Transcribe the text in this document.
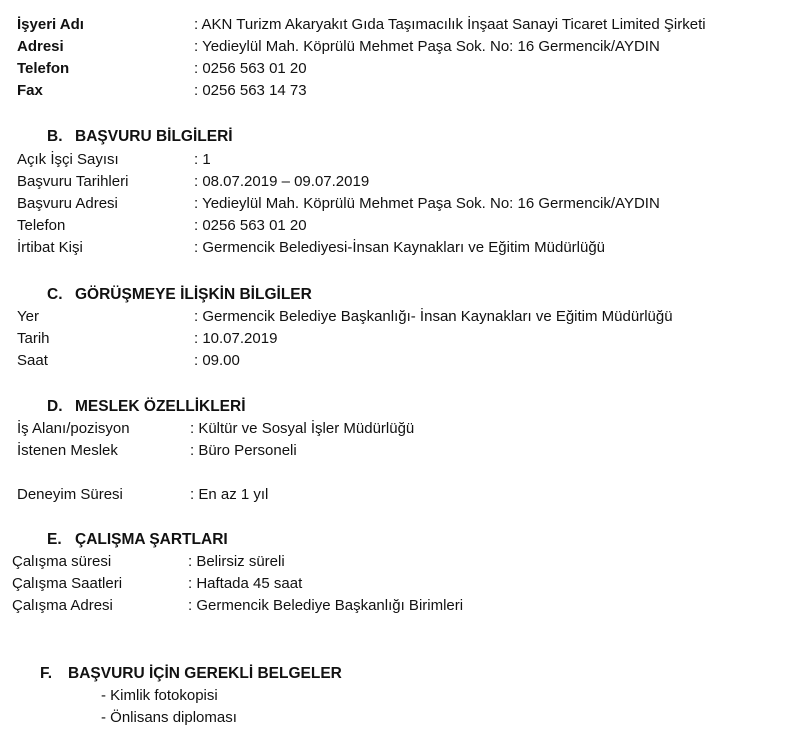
İşyeri Adı	: AKN Turizm Akaryakıt Gıda Taşımacılık İnşaat Sanayi Ticaret Limited Şirketi
Adresi	: Yedieylül Mah. Köprülü Mehmet Paşa Sok. No: 16 Germencik/AYDIN
Telefon	: 0256 563 01 20
Fax	: 0256 563 14 73
B. BAŞVURU BİLGİLERİ
Açık İşçi Sayısı	: 1
Başvuru Tarihleri	: 08.07.2019 – 09.07.2019
Başvuru Adresi	: Yedieylül Mah. Köprülü Mehmet Paşa Sok. No: 16 Germencik/AYDIN
Telefon	: 0256 563 01 20
İrtibat Kişi	: Germencik Belediyesi-İnsan Kaynakları ve Eğitim Müdürlüğü
C. GÖRÜŞMEYE İLİŞKİN BİLGİLER
Yer	: Germencik Belediye Başkanlığı- İnsan Kaynakları ve Eğitim Müdürlüğü
Tarih	: 10.07.2019
Saat	: 09.00
D. MESLEK ÖZELLİKLERİ
İş Alanı/pozisyon	: Kültür ve Sosyal İşler Müdürlüğü
İstenen Meslek	: Büro Personeli
Deneyim Süresi	: En az 1 yıl
E. ÇALIŞMA ŞARTLARI
Çalışma süresi	: Belirsiz süreli
Çalışma Saatleri	: Haftada 45 saat
Çalışma Adresi	: Germencik Belediye Başkanlığı Birimleri
F. BAŞVURU İÇİN GEREKLİ BELGELER
- Kimlik fotokopisi
- Önlisans diploması
